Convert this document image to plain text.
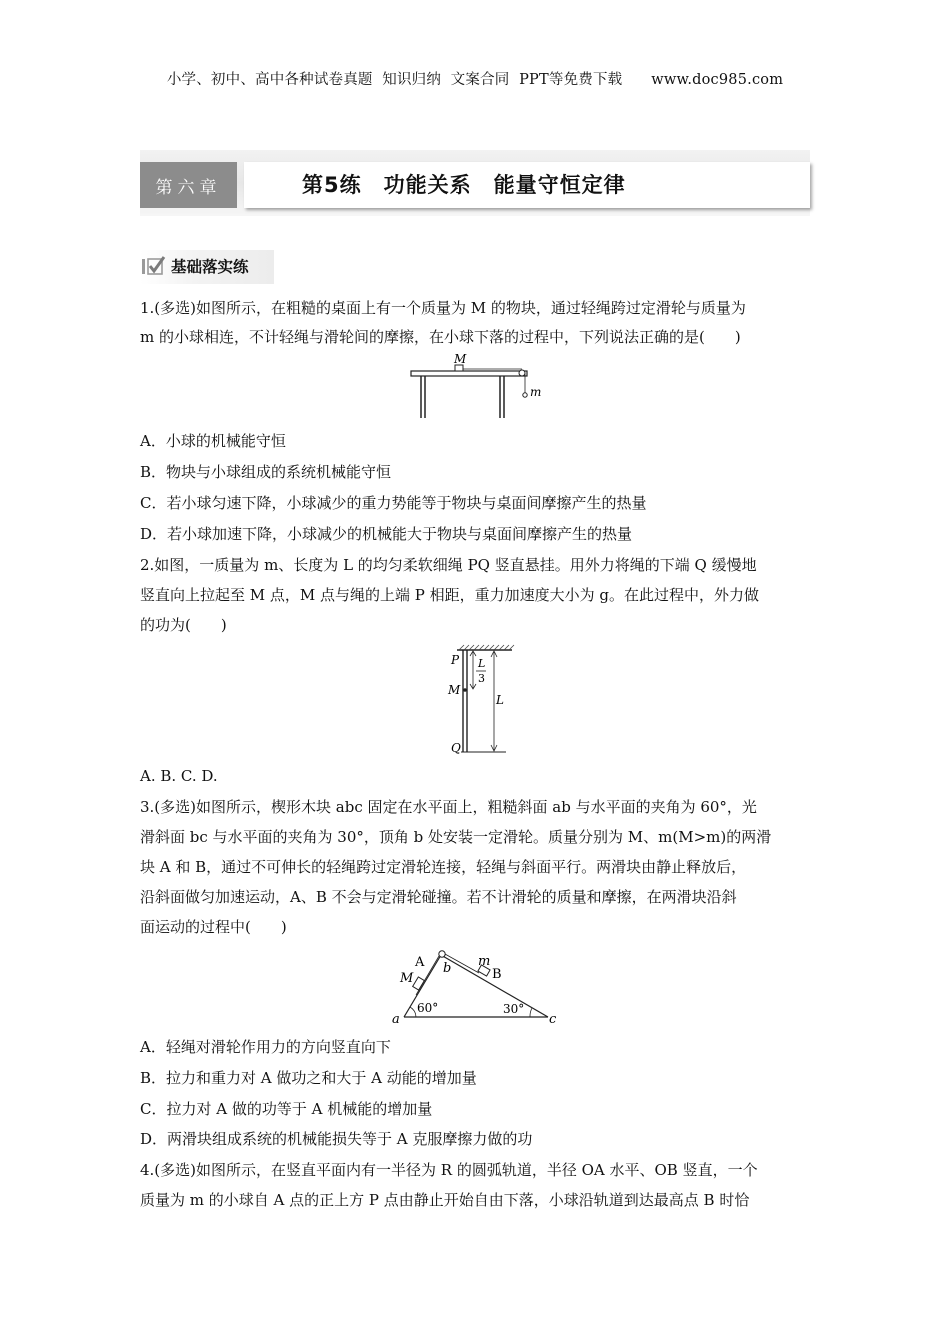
小学、初中、高中各种试卷真题  知识归纳  文案合同  PPT等免费下载      www.doc985.com
第六章	第5练　功能关系　能量守恒定律
基础落实练
1.(多选)如图所示，在粗糙的桌面上有一个质量为 M 的物块，通过轻绳跨过定滑轮与质量为
m 的小球相连，不计轻绳与滑轮间的摩擦，在小球下落的过程中，下列说法正确的是(　　)
M
m
A．小球的机械能守恒
B．物块与小球组成的系统机械能守恒
C．若小球匀速下降，小球减少的重力势能等于物块与桌面间摩擦产生的热量
D．若小球加速下降，小球减少的机械能大于物块与桌面间摩擦产生的热量
2.如图，一质量为 m、长度为 L 的均匀柔软细绳 PQ 竖直悬挂。用外力将绳的下端 Q 缓慢地
竖直向上拉起至 M 点，M 点与绳的上端 P 相距，重力加速度大小为 g。在此过程中，外力做
的功为(　　)
L
3
L
P
M
Q
A. B. C. D.
3.(多选)如图所示，楔形木块 abc 固定在水平面上，粗糙斜面 ab 与水平面的夹角为 60°，光
滑斜面 bc 与水平面的夹角为 30°，顶角 b 处安装一定滑轮。质量分别为 M、m(M>m)的两滑
块 A 和 B，通过不可伸长的轻绳跨过定滑轮连接，轻绳与斜面平行。两滑块由静止释放后，
沿斜面做匀加速运动，A、B 不会与定滑轮碰撞。若不计滑轮的质量和摩擦，在两滑块沿斜
面运动的过程中(　　)
60°	30°
a	c
b
A
M
m
B
A．轻绳对滑轮作用力的方向竖直向下
B．拉力和重力对 A 做功之和大于 A 动能的增加量
C．拉力对 A 做的功等于 A 机械能的增加量
D．两滑块组成系统的机械能损失等于 A 克服摩擦力做的功
4.(多选)如图所示，在竖直平面内有一半径为 R 的圆弧轨道，半径 OA 水平、OB 竖直，一个
质量为 m 的小球自 A 点的正上方 P 点由静止开始自由下落，小球沿轨道到达最高点 B 时恰
